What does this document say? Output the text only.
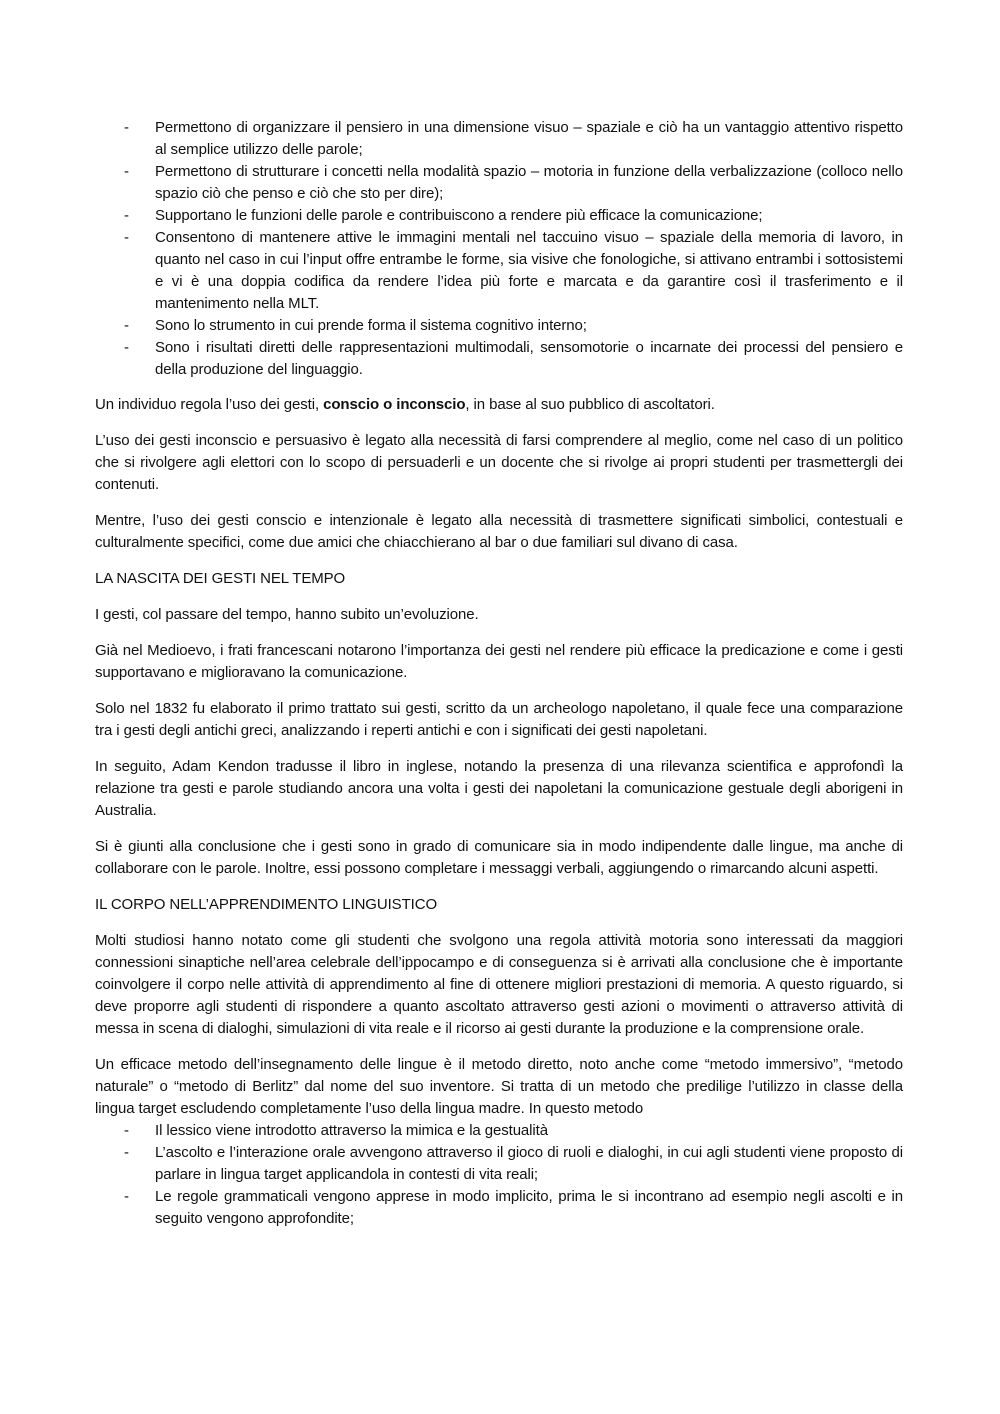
- Permettono di organizzare il pensiero in una dimensione visuo – spaziale e ciò ha un vantaggio attentivo rispetto al semplice utilizzo delle parole;
- Permettono di strutturare i concetti nella modalità spazio – motoria in funzione della verbalizzazione (colloco nello spazio ciò che penso e ciò che sto per dire);
- Supportano le funzioni delle parole e contribuiscono a rendere più efficace la comunicazione;
- Consentono di mantenere attive le immagini mentali nel taccuino visuo – spaziale della memoria di lavoro, in quanto nel caso in cui l’input offre entrambe le forme, sia visive che fonologiche, si attivano entrambi i sottosistemi e vi è una doppia codifica da rendere l’idea più forte e marcata e da garantire così il trasferimento e il mantenimento nella MLT.
- Sono lo strumento in cui prende forma il sistema cognitivo interno;
- Sono i risultati diretti delle rappresentazioni multimodali, sensomotorie o incarnate dei processi del pensiero e della produzione del linguaggio.

Un individuo regola l’uso dei gesti, conscio o inconscio, in base al suo pubblico di ascoltatori.

L’uso dei gesti inconscio e persuasivo è legato alla necessità di farsi comprendere al meglio, come nel caso di un politico che si rivolgere agli elettori con lo scopo di persuaderli e un docente che si rivolge ai propri studenti per trasmettergli dei contenuti.

Mentre, l’uso dei gesti conscio e intenzionale è legato alla necessità di trasmettere significati simbolici, contestuali e culturalmente specifici, come due amici che chiacchierano al bar o due familiari sul divano di casa.

LA NASCITA DEI GESTI NEL TEMPO

I gesti, col passare del tempo, hanno subito un’evoluzione.

Già nel Medioevo, i frati francescani notarono l’importanza dei gesti nel rendere più efficace la predicazione e come i gesti supportavano e miglioravano la comunicazione.

Solo nel 1832 fu elaborato il primo trattato sui gesti, scritto da un archeologo napoletano, il quale fece una comparazione tra i gesti degli antichi greci, analizzando i reperti antichi e con i significati dei gesti napoletani.

In seguito, Adam Kendon tradusse il libro in inglese, notando la presenza di una rilevanza scientifica e approfondì la relazione tra gesti e parole studiando ancora una volta i gesti dei napoletani la comunicazione gestuale degli aborigeni in Australia.

Si è giunti alla conclusione che i gesti sono in grado di comunicare sia in modo indipendente dalle lingue, ma anche di collaborare con le parole. Inoltre, essi possono completare i messaggi verbali, aggiungendo o rimarcando alcuni aspetti.

IL CORPO NELL’APPRENDIMENTO LINGUISTICO

Molti studiosi hanno notato come gli studenti che svolgono una regola attività motoria sono interessati da maggiori connessioni sinaptiche nell’area celebrale dell’ippocampo e di conseguenza si è arrivati alla conclusione che è importante coinvolgere il corpo nelle attività di apprendimento al fine di ottenere migliori prestazioni di memoria. A questo riguardo, si deve proporre agli studenti di rispondere a quanto ascoltato attraverso gesti azioni o movimenti o attraverso attività di messa in scena di dialoghi, simulazioni di vita reale e il ricorso ai gesti durante la produzione e la comprensione orale.

Un efficace metodo dell’insegnamento delle lingue è il metodo diretto, noto anche come “metodo immersivo”, “metodo naturale” o “metodo di Berlitz” dal nome del suo inventore. Si tratta di un metodo che predilige l’utilizzo in classe della lingua target escludendo completamente l’uso della lingua madre. In questo metodo

- Il lessico viene introdotto attraverso la mimica e la gestualità
- L’ascolto e l’interazione orale avvengono attraverso il gioco di ruoli e dialoghi, in cui agli studenti viene proposto di parlare in lingua target applicandola in contesti di vita reali;
- Le regole grammaticali vengono apprese in modo implicito, prima le si incontrano ad esempio negli ascolti e in seguito vengono approfondite;
